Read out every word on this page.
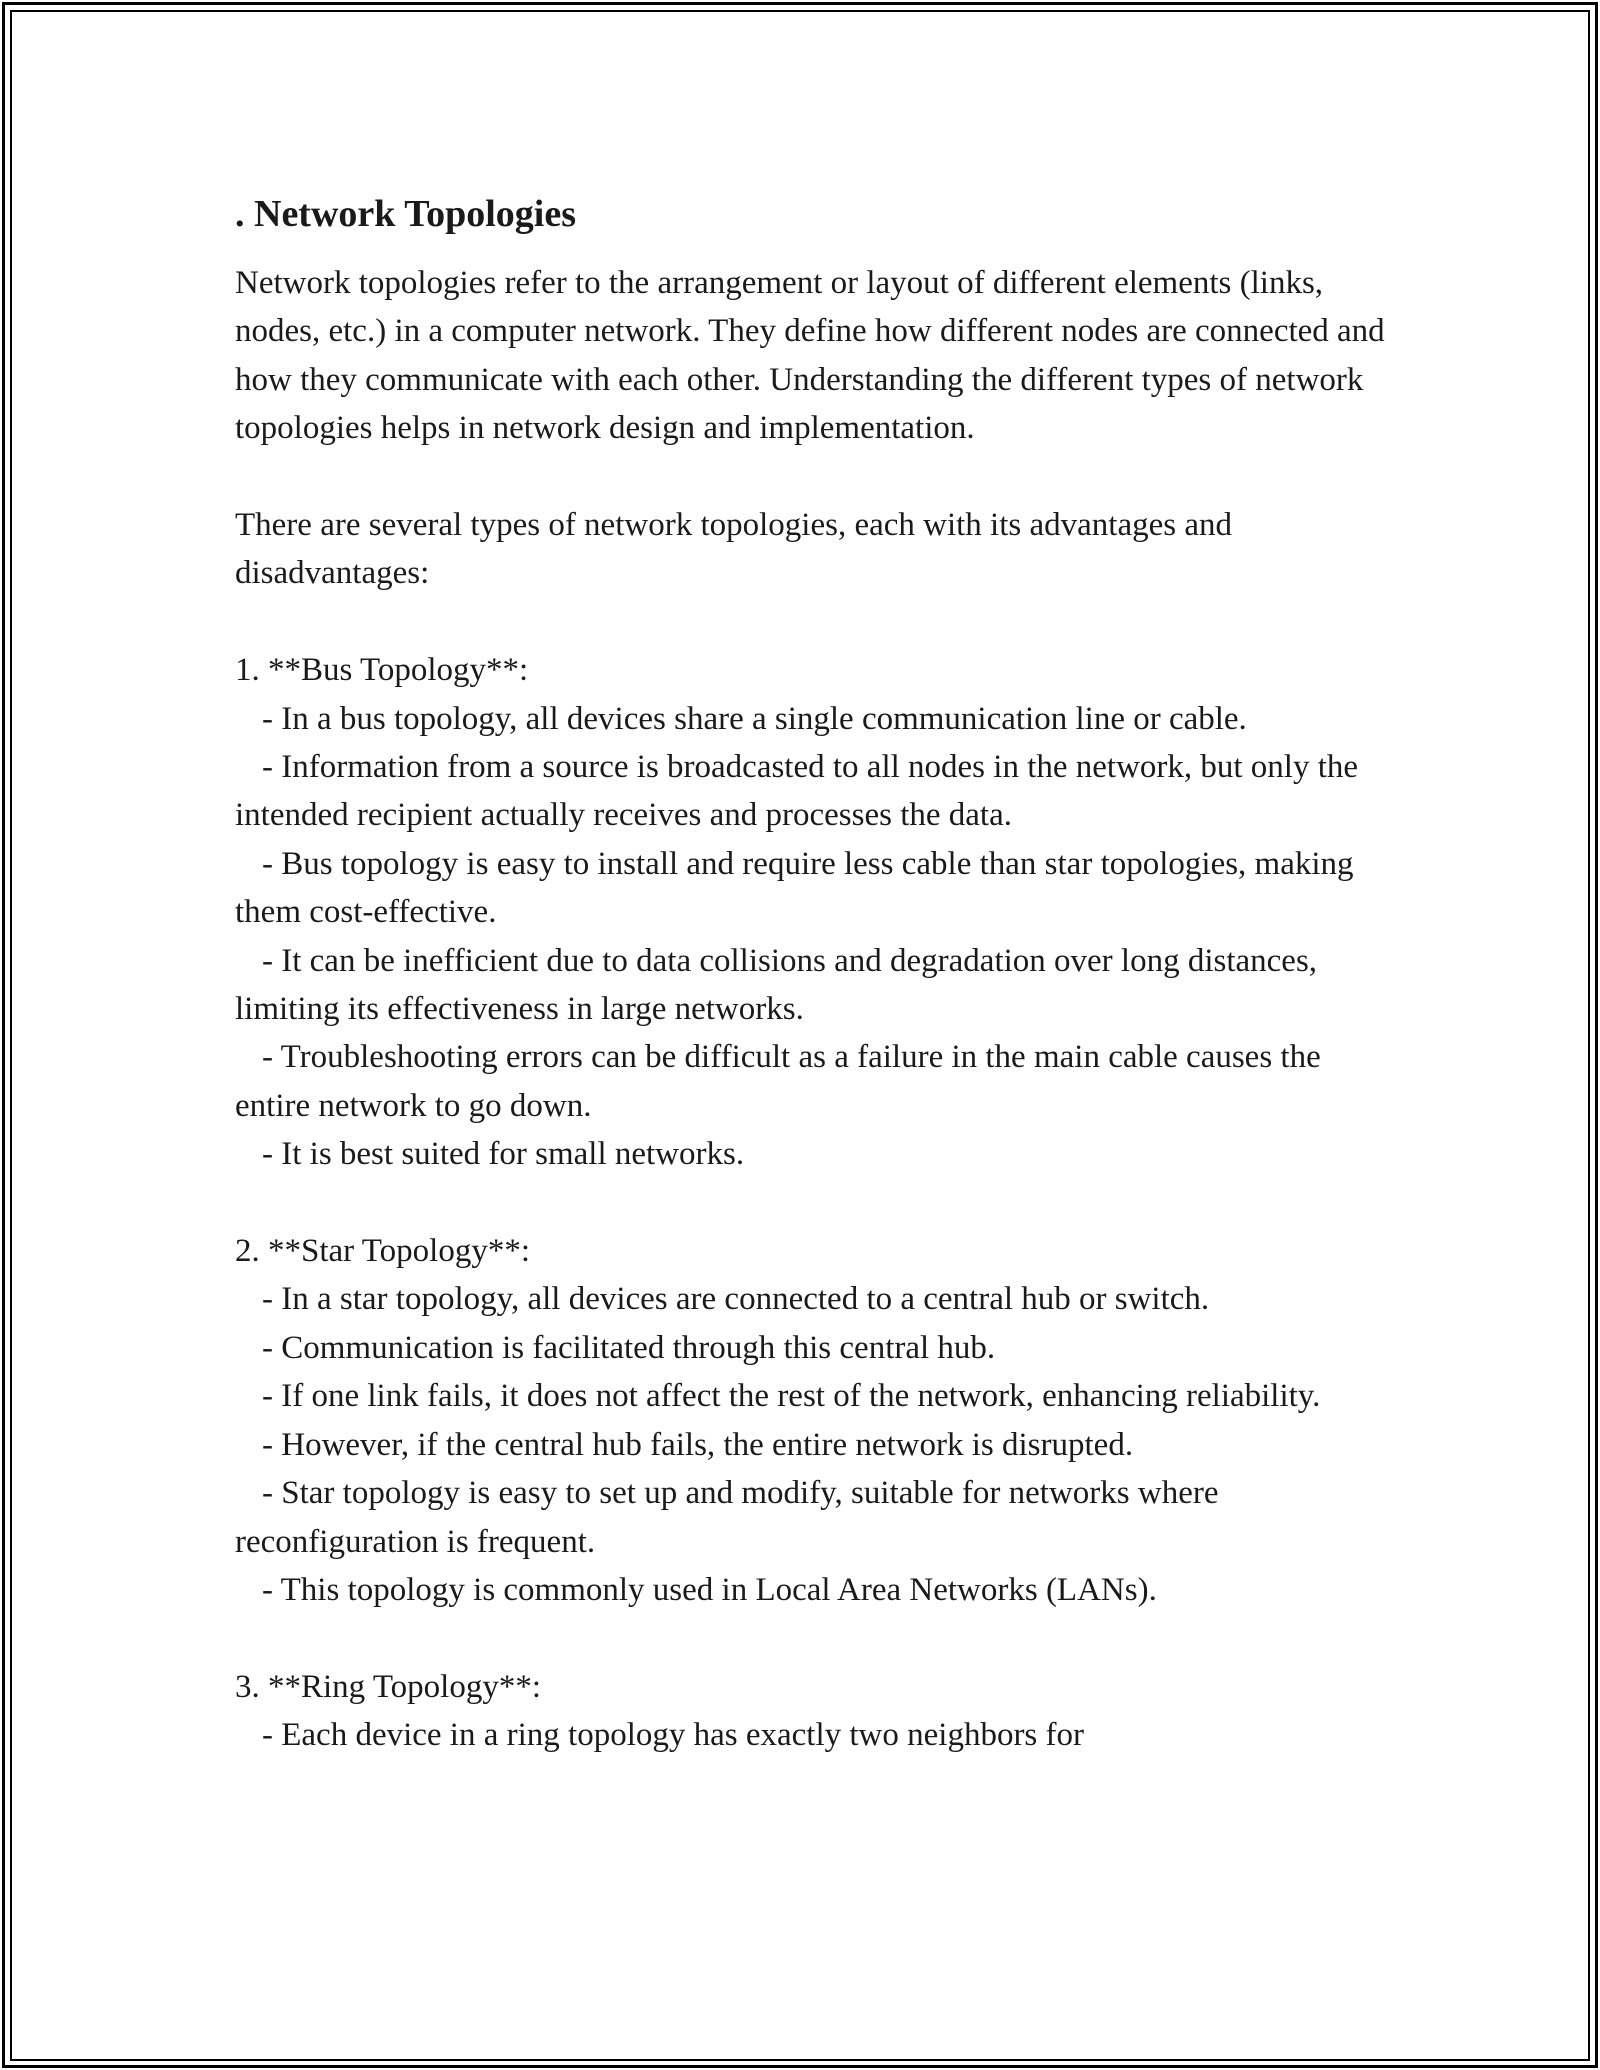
. Network Topologies

Network topologies refer to the arrangement or layout of different elements (links, nodes, etc.) in a computer network. They define how different nodes are connected and how they communicate with each other. Understanding the different types of network topologies helps in network design and implementation.

There are several types of network topologies, each with its advantages and disadvantages:

1. **Bus Topology**:

- In a bus topology, all devices share a single communication line or cable.

- Information from a source is broadcasted to all nodes in the network, but only the intended recipient actually receives and processes the data.

- Bus topology is easy to install and require less cable than star topologies, making them cost-effective.

- It can be inefficient due to data collisions and degradation over long distances, limiting its effectiveness in large networks.

- Troubleshooting errors can be difficult as a failure in the main cable causes the entire network to go down.

- It is best suited for small networks.

2. **Star Topology**:

- In a star topology, all devices are connected to a central hub or switch.

- Communication is facilitated through this central hub.

- If one link fails, it does not affect the rest of the network, enhancing reliability.

- However, if the central hub fails, the entire network is disrupted.

- Star topology is easy to set up and modify, suitable for networks where reconfiguration is frequent.

- This topology is commonly used in Local Area Networks (LANs).

3. **Ring Topology**:

- Each device in a ring topology has exactly two neighbors for
